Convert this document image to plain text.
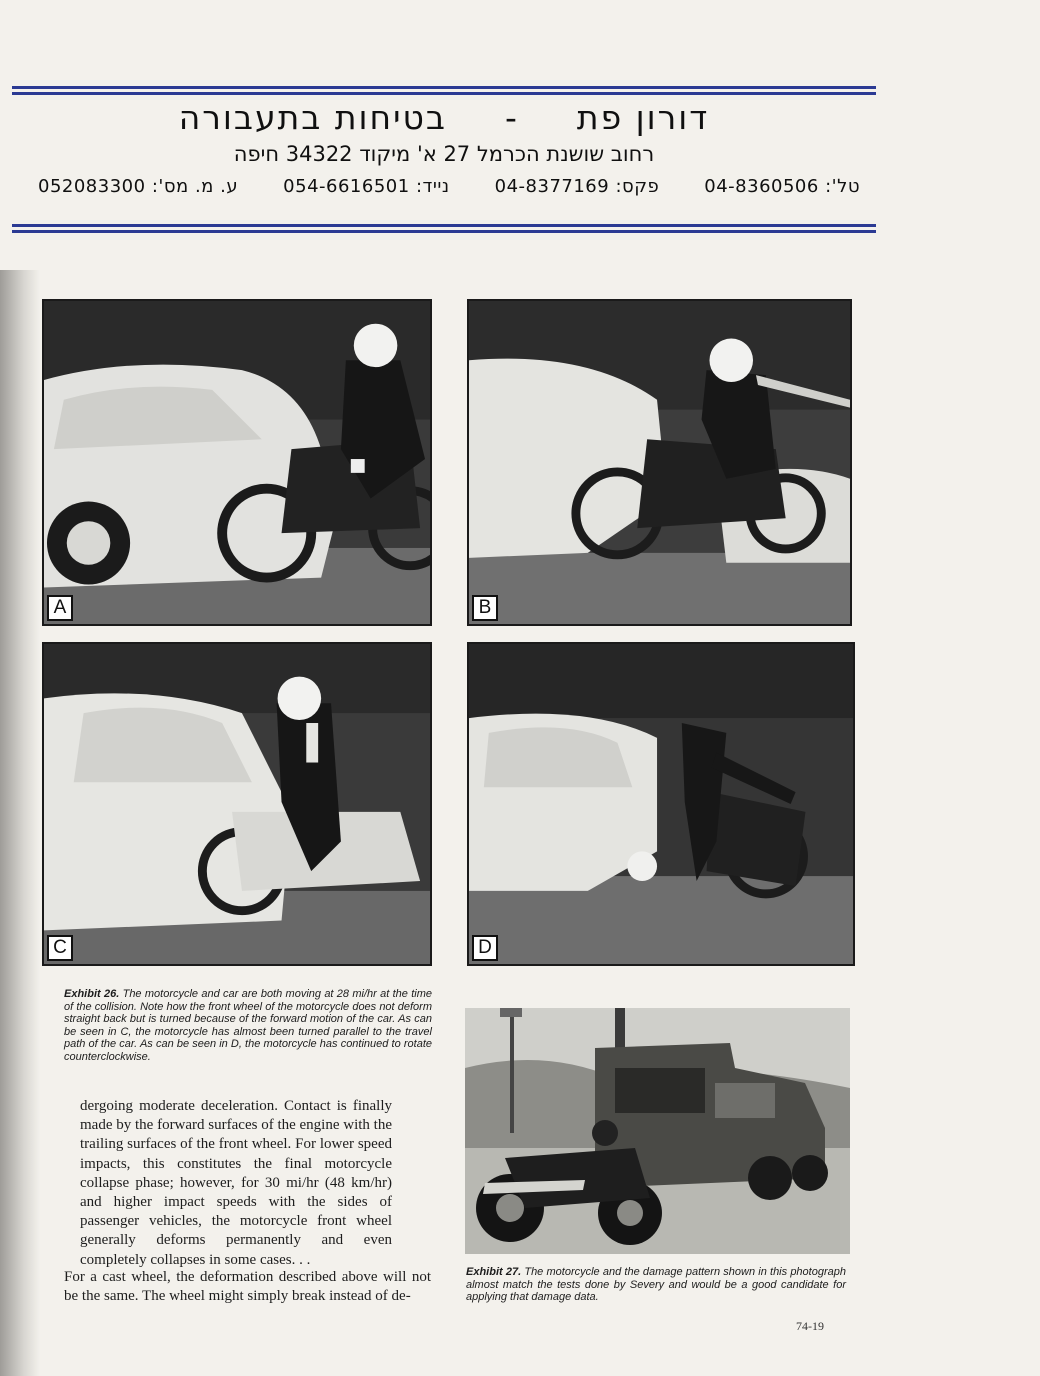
דורון פת-בטיחות בתעבורה
רחוב שושנת הכרמל 27 א' מיקוד 34322 חיפה
טל': 04-8360506
פקס: 04-8377169
נייד: 054-6616501
ע. מ. מס': 052083300
A	B
C	D
Exhibit 26. The motorcycle and car are both moving at 28 mi/hr at the time of the collision. Note how the front wheel of the motorcycle does not deform straight back but is turned because of the forward motion of the car. As can be seen in C, the motorcycle has almost been turned parallel to the travel path of the car. As can be seen in D, the motorcycle has continued to rotate counterclockwise.
dergoing moderate deceleration. Contact is finally made by the forward surfaces of the engine with the trailing surfaces of the front wheel. For lower speed impacts, this constitutes the final motorcycle collapse phase; however, for 30 mi/hr (48 km/hr) and higher impact speeds with the sides of passenger vehicles, the motorcycle front wheel generally deforms permanently and even completely collapses in some cases. . .
For a cast wheel, the deformation described above will not be the same. The wheel might simply break instead of de-
Exhibit 27. The motorcycle and the damage pattern shown in this photograph almost match the tests done by Severy and would be a good candidate for applying that damage data.
74-19
